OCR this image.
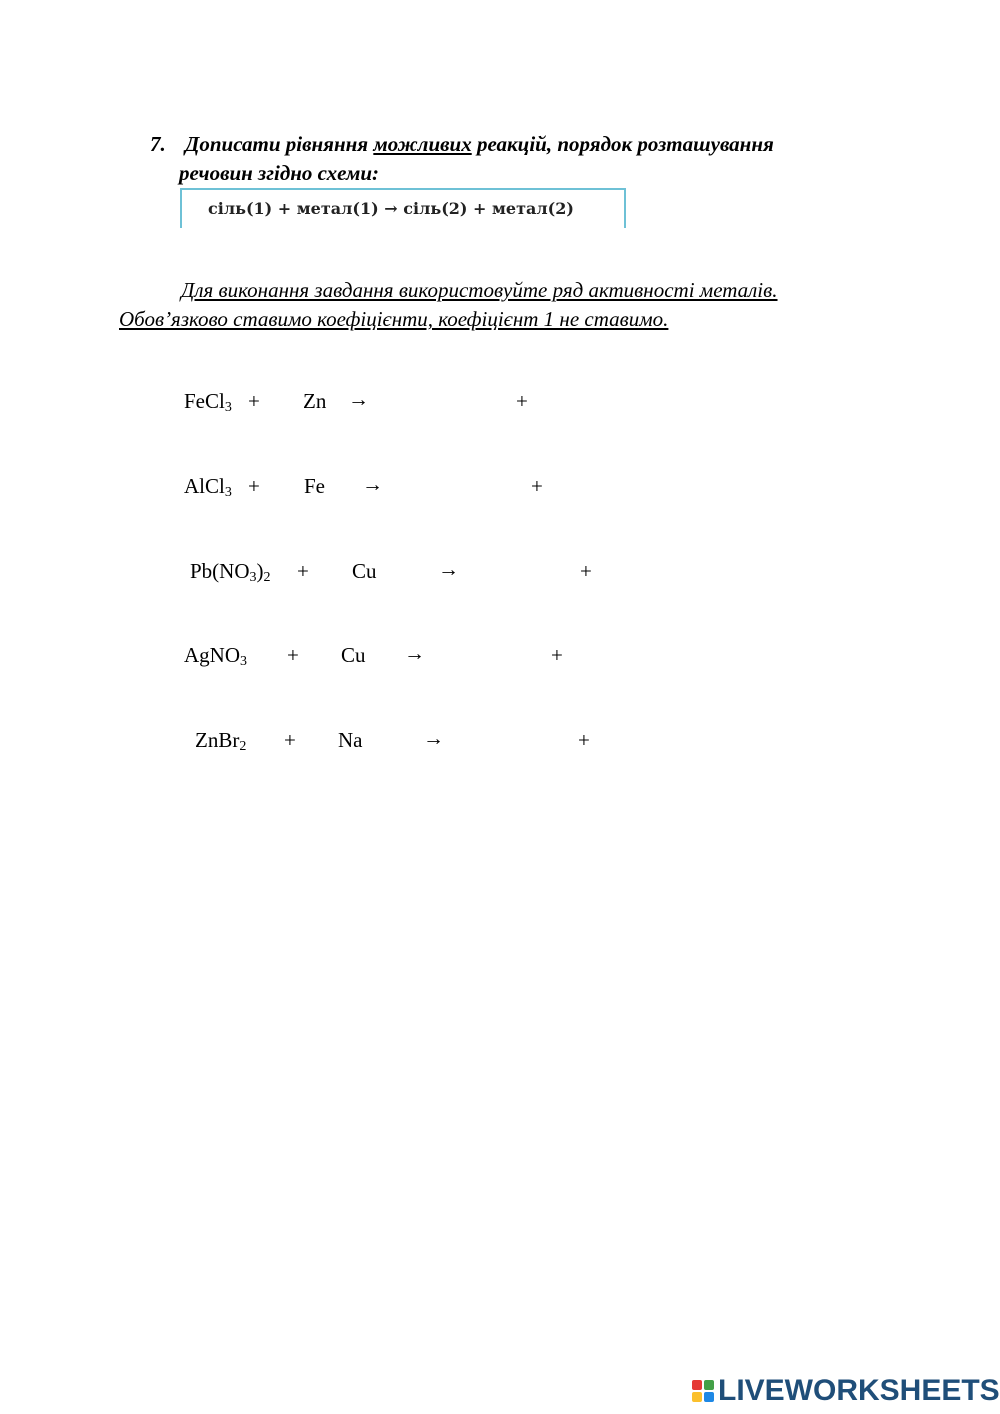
7. Дописати рівняння можливих реакцій, порядок розташування
речовин згідно схеми:
сіль(1) + метал(1) → сіль(2) + метал(2)
Для виконання завдання використовуйте ряд активності металів.
Обов’язково ставимо коефіцієнти, коефіцієнт 1 не ставимо.
FeCl$_3$ + Zn →	+
AlCl$_3$ + Fe →	+
$Pb(NO_3)_2 + Cu$	→	+
AgNO$_3$ + Cu →	+
ZnBr$_2$ + Na	→	+
LIVEWORKSHEETS
